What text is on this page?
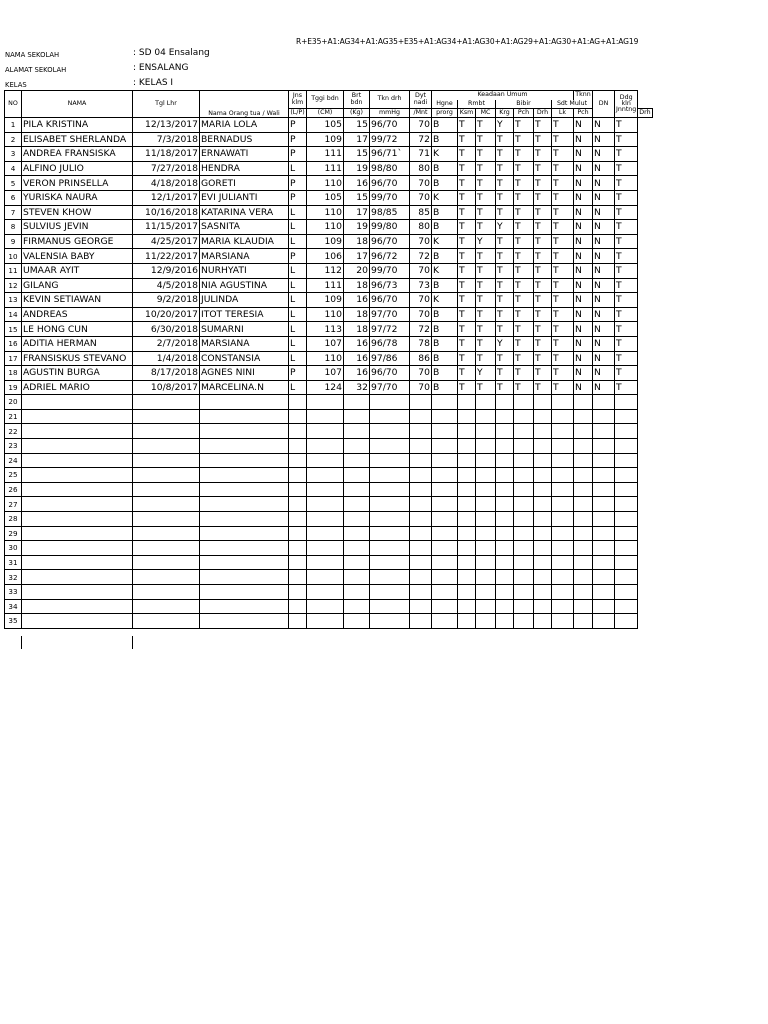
R+E35+A1:AG34+A1:AG35+E35+A1:AG34+A1:AG30+A1:AG29+A1:AG30+A1:AG+A1:AG19
NAMA SEKOLAH	: SD 04 Ensalang
ALAMAT SEKOLAH	: ENSALANG
KELAS	: KELAS I
NO	NAMA	Tgl Lhr	Nama Orang tua / Wali	Jns klm	Tggi bdn	Brt bdn	Tkn drh	Dyt nadi	Keadaan Umum							Tknn	DN	Ddg kln Jnntng	
									Hgne	Rmbt		Bibir			Sdt Mulut				
				(L/P)	(CM)	(Kg)	mmHg	/Mnt	prorg	Ksm	MC	Krg	Pch	Drh	Lk	Pch			Drh
1	PILA KRISTINA	12/13/2017	MARIA LOLA	P	105	15	96/70	70	B	T	T	Y	T	T	T	N	N	T	
2	ELISABET SHERLANDA	7/3/2018	BERNADUS	P	109	17	99/72	72	B	T	T	T	T	T	T	N	N	T	
3	ANDREA FRANSISKA	11/18/2017	ERNAWATI	P	111	15	96/71`	71	K	T	T	T	T	T	T	N	N	T	
4	ALFINO JULIO	7/27/2018	HENDRA	L	111	19	98/80	80	B	T	T	T	T	T	T	N	N	T	
5	VERON PRINSELLA	4/18/2018	GORETI	P	110	16	96/70	70	B	T	T	T	T	T	T	N	N	T	
6	YURISKA NAURA	12/1/2017	EVI JULIANTI	P	105	15	99/70	70	K	T	T	T	T	T	T	N	N	T	
7	STEVEN KHOW	10/16/2018	KATARINA VERA	L	110	17	98/85	85	B	T	T	T	T	T	T	N	N	T	
8	SULVIUS JEVIN	11/15/2017	SASNITA	L	110	19	99/80	80	B	T	T	Y	T	T	T	N	N	T	
9	FIRMANUS GEORGE	4/25/2017	MARIA KLAUDIA	L	109	18	96/70	70	K	T	Y	T	T	T	T	N	N	T	
10	VALENSIA BABY	11/22/2017	MARSIANA	P	106	17	96/72	72	B	T	T	T	T	T	T	N	N	T	
11	UMAAR AYIT	12/9/2016	NURHYATI	L	112	20	99/70	70	K	T	T	T	T	T	T	N	N	T	
12	GILANG	4/5/2018	NIA AGUSTINA	L	111	18	96/73	73	B	T	T	T	T	T	T	N	N	T	
13	KEVIN SETIAWAN	9/2/2018	JULINDA	L	109	16	96/70	70	K	T	T	T	T	T	T	N	N	T	
14	ANDREAS	10/20/2017	ITOT TERESIA	L	110	18	97/70	70	B	T	T	T	T	T	T	N	N	T	
15	LE HONG CUN	6/30/2018	SUMARNI	L	113	18	97/72	72	B	T	T	T	T	T	T	N	N	T	
16	ADITIA HERMAN	2/7/2018	MARSIANA	L	107	16	96/78	78	B	T	T	Y	T	T	T	N	N	T	
17	FRANSISKUS STEVANO	1/4/2018	CONSTANSIA	L	110	16	97/86	86	B	T	T	T	T	T	T	N	N	T	
18	AGUSTIN BURGA	8/17/2018	AGNES NINI	P	107	16	96/70	70	B	T	Y	T	T	T	T	N	N	T	
19	ADRIEL MARIO	10/8/2017	MARCELINA.N	L	124	32	97/70	70	B	T	T	T	T	T	T	N	N	T	
20																			
21																			
22																			
23																			
24																			
25																			
26																			
27																			
28																			
29																			
30																			
31																			
32																			
33																			
34																			
35																			
